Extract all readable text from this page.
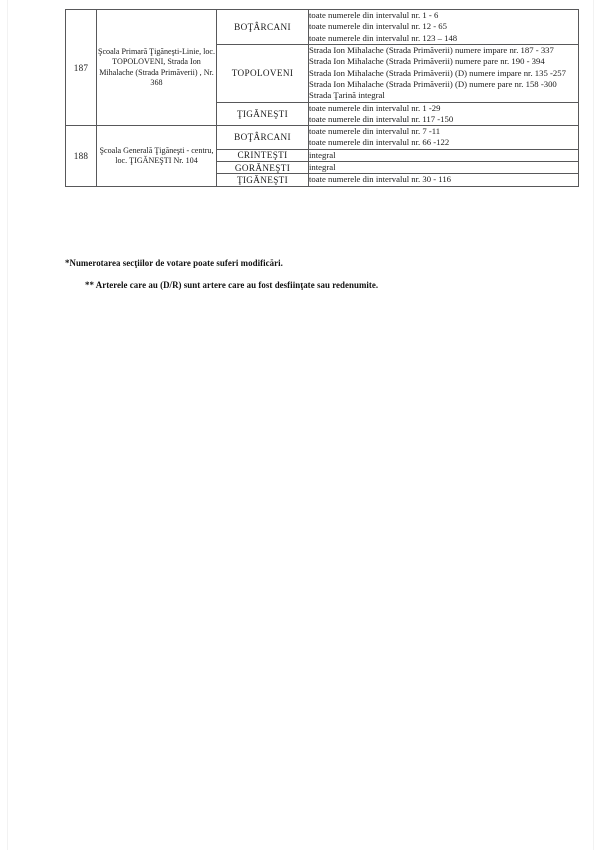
187	Şcoala Primară Ţigăneşti-Linie, loc. TOPOLOVENI, Strada Ion Mihalache (Strada Primăverii) , Nr. 368	BOŢÂRCANI	toate numerele din intervalul nr. 1 - 6
toate numerele din intervalul nr. 12 - 65
toate numerele din intervalul nr. 123 – 148

		TOPOLOVENI	Strada Ion Mihalache (Strada Primăverii) numere impare nr. 187 - 337
Strada Ion Mihalache (Strada Primăverii) numere pare nr. 190 - 394
Strada Ion Mihalache (Strada Primăverii) (D) numere impare nr. 135 -257
Strada Ion Mihalache (Strada Primăverii) (D) numere pare nr. 158 -300
Strada Ţarină integral

		ŢIGĂNEŞTI	toate numerele din intervalul nr. 1 -29
toate numerele din intervalul nr. 117 -150

188	Şcoala Generală Ţigăneşti - centru, loc. ŢIGĂNEŞTI Nr. 104	BOŢÂRCANI	toate numerele din intervalul nr. 7 -11
toate numerele din intervalul nr. 66 -122

		CRINTEŞTI	integral

		GORĂNEŞTI	integral

		ŢIGĂNEŞTI	toate numerele din intervalul nr. 30 - 116
*Numerotarea secţiilor de votare poate suferi modificări.
** Arterele care au (D/R) sunt artere care au fost desfiinţate sau redenumite.
